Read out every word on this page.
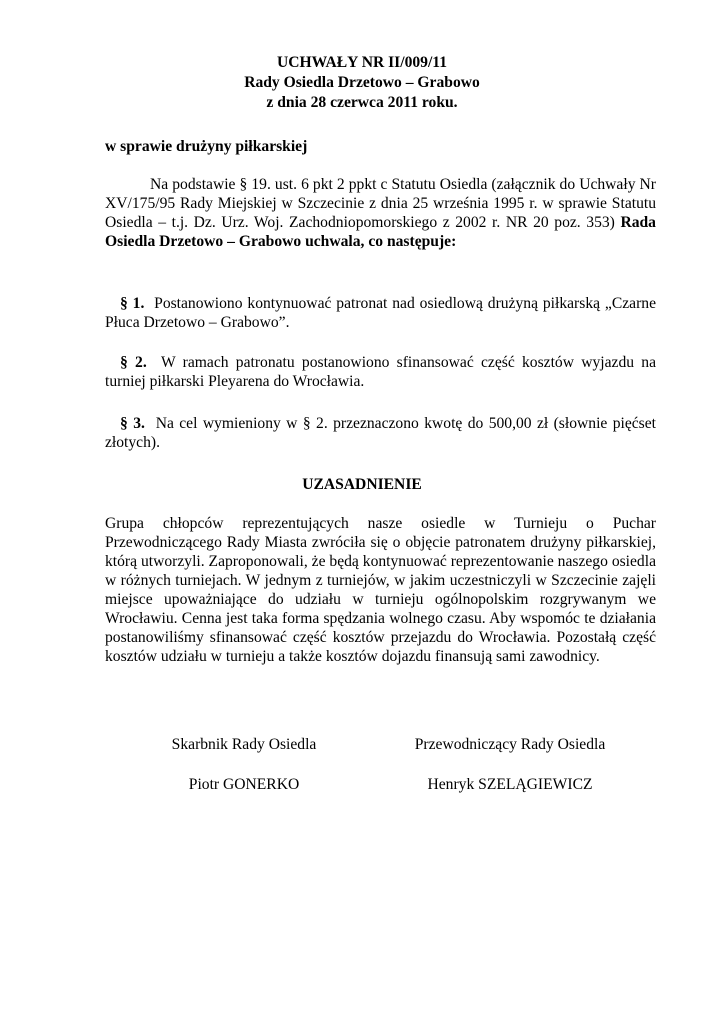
UCHWAŁY NR II/009/11
Rady Osiedla Drzetowo – Grabowo
z dnia 28 czerwca 2011 roku.
w sprawie drużyny piłkarskiej
Na podstawie § 19. ust. 6 pkt 2 ppkt c Statutu Osiedla (załącznik do Uchwały Nr XV/175/95 Rady Miejskiej w Szczecinie z dnia 25 września 1995 r. w sprawie Statutu Osiedla – t.j. Dz. Urz. Woj. Zachodniopomorskiego z 2002 r. NR 20 poz. 353) Rada Osiedla Drzetowo – Grabowo uchwala, co następuje:
§ 1. Postanowiono kontynuować patronat nad osiedlową drużyną piłkarską „Czarne Płuca Drzetowo – Grabowo”.
§ 2. W ramach patronatu postanowiono sfinansować część kosztów wyjazdu na turniej piłkarski Pleyarena do Wrocławia.
§ 3. Na cel wymieniony w § 2. przeznaczono kwotę do 500,00 zł (słownie pięćset złotych).
UZASADNIENIE
Grupa chłopców reprezentujących nasze osiedle w Turnieju o Puchar Przewodniczącego Rady Miasta zwróciła się o objęcie patronatem drużyny piłkarskiej, którą utworzyli. Zaproponowali, że będą kontynuować reprezentowanie naszego osiedla w różnych turniejach. W jednym z turniejów, w jakim uczestniczyli w Szczecinie zajęli miejsce upoważniające do udziału w turnieju ogólnopolskim rozgrywanym we Wrocławiu. Cenna jest taka forma spędzania wolnego czasu. Aby wspomóc te działania postanowiliśmy sfinansować część kosztów przejazdu do Wrocławia. Pozostałą część kosztów udziału w turnieju a także kosztów dojazdu finansują sami zawodnicy.
Skarbnik Rady Osiedla
Piotr GONERKO
Przewodniczący Rady Osiedla
Henryk SZELĄGIEWICZ
